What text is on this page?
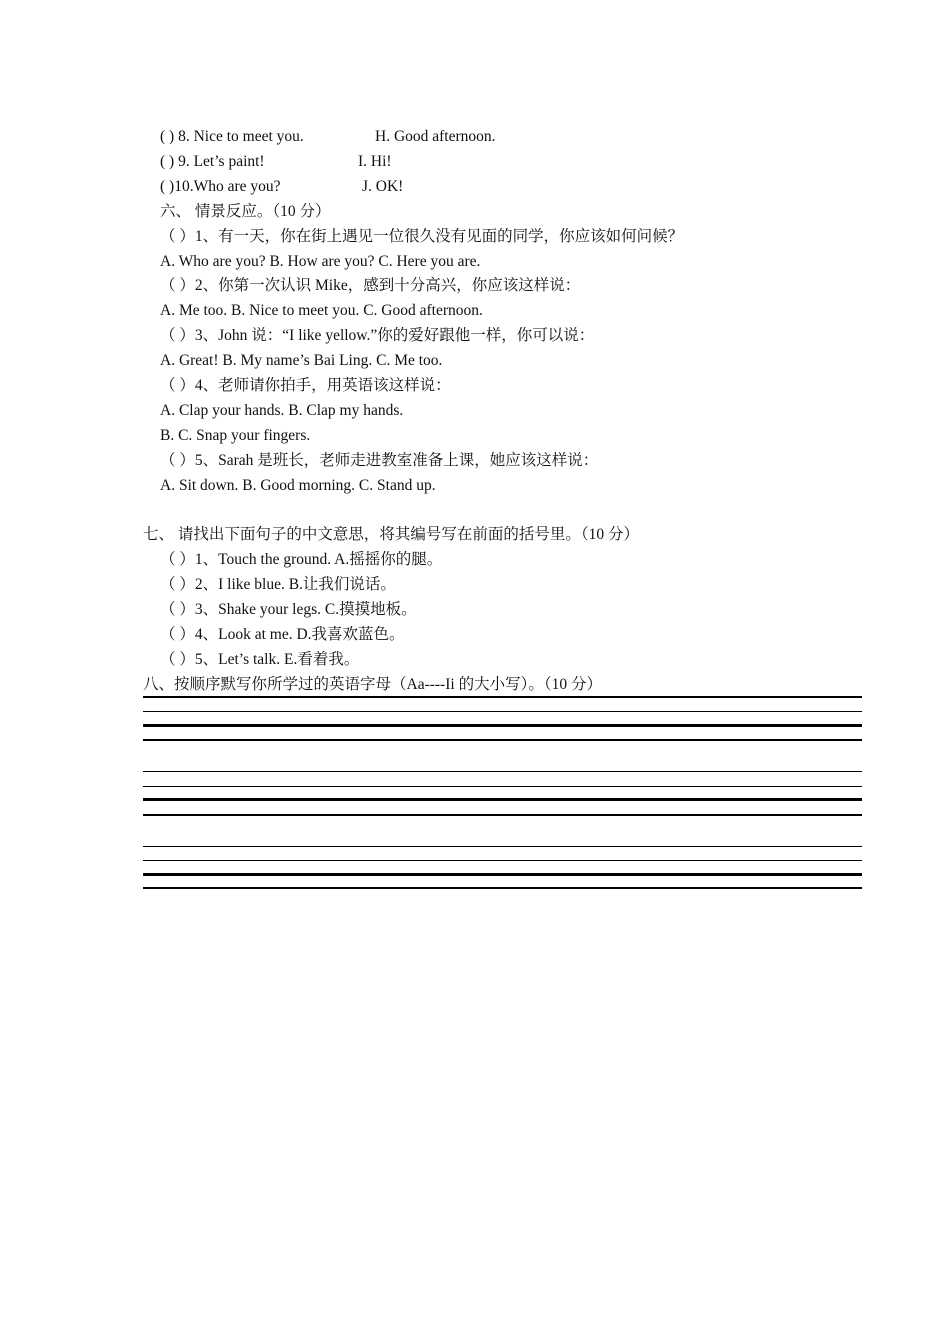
( ) 8. Nice to meet you.	H. Good afternoon.
( ) 9. Let’s paint!	I. Hi!
( )10.Who are you?	J. OK!
六、 情景反应。（10 分）
（ ）1、有一天，你在街上遇见一位很久没有见面的同学，你应该如何问候？
A. Who are you? B. How are you? C. Here you are.
（ ）2、你第一次认识 Mike，感到十分高兴，你应该这样说：
A. Me too. B. Nice to meet you. C. Good afternoon.
（ ）3、John 说：“I like yellow.”你的爱好跟他一样，你可以说：
A. Great! B. My name’s Bai Ling. C. Me too.
（ ）4、老师请你拍手，用英语该这样说：
A. Clap your hands. B. Clap my hands.
B. C. Snap your fingers.
（ ）5、Sarah 是班长，老师走进教室准备上课，她应该这样说：
A. Sit down. B. Good morning. C. Stand up.
七、 请找出下面句子的中文意思，将其编号写在前面的括号里。（10 分）
（ ）1、Touch the ground. A.摇摇你的腿。
（ ）2、I like blue. B.让我们说话。
（ ）3、Shake your legs. C.摸摸地板。
（ ）4、Look at me. D.我喜欢蓝色。
（ ）5、Let’s talk. E.看着我。
八、按顺序默写你所学过的英语字母（Aa----Ii 的大小写）。（10 分）
